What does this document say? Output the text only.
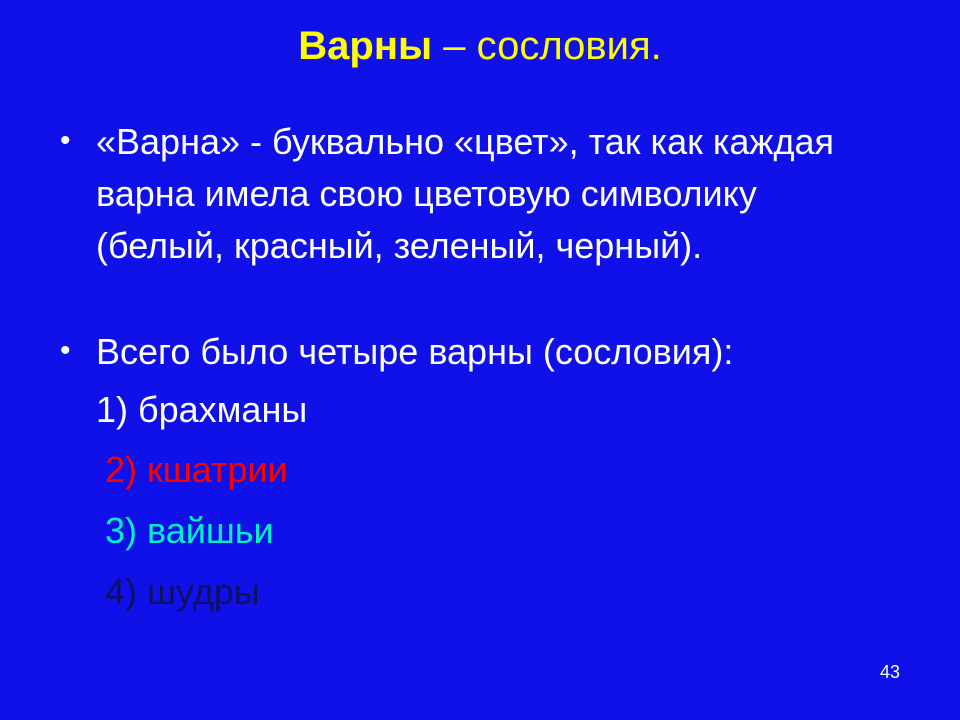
Варны – сословия.
• «Варна» - буквально «цвет», так как каждая варна имела свою цветовую символику (белый, красный, зеленый, черный).
• Всего было четыре варны (сословия):
1) брахманы
2) кшатрии
3) вайшьи
4) шудры
43
